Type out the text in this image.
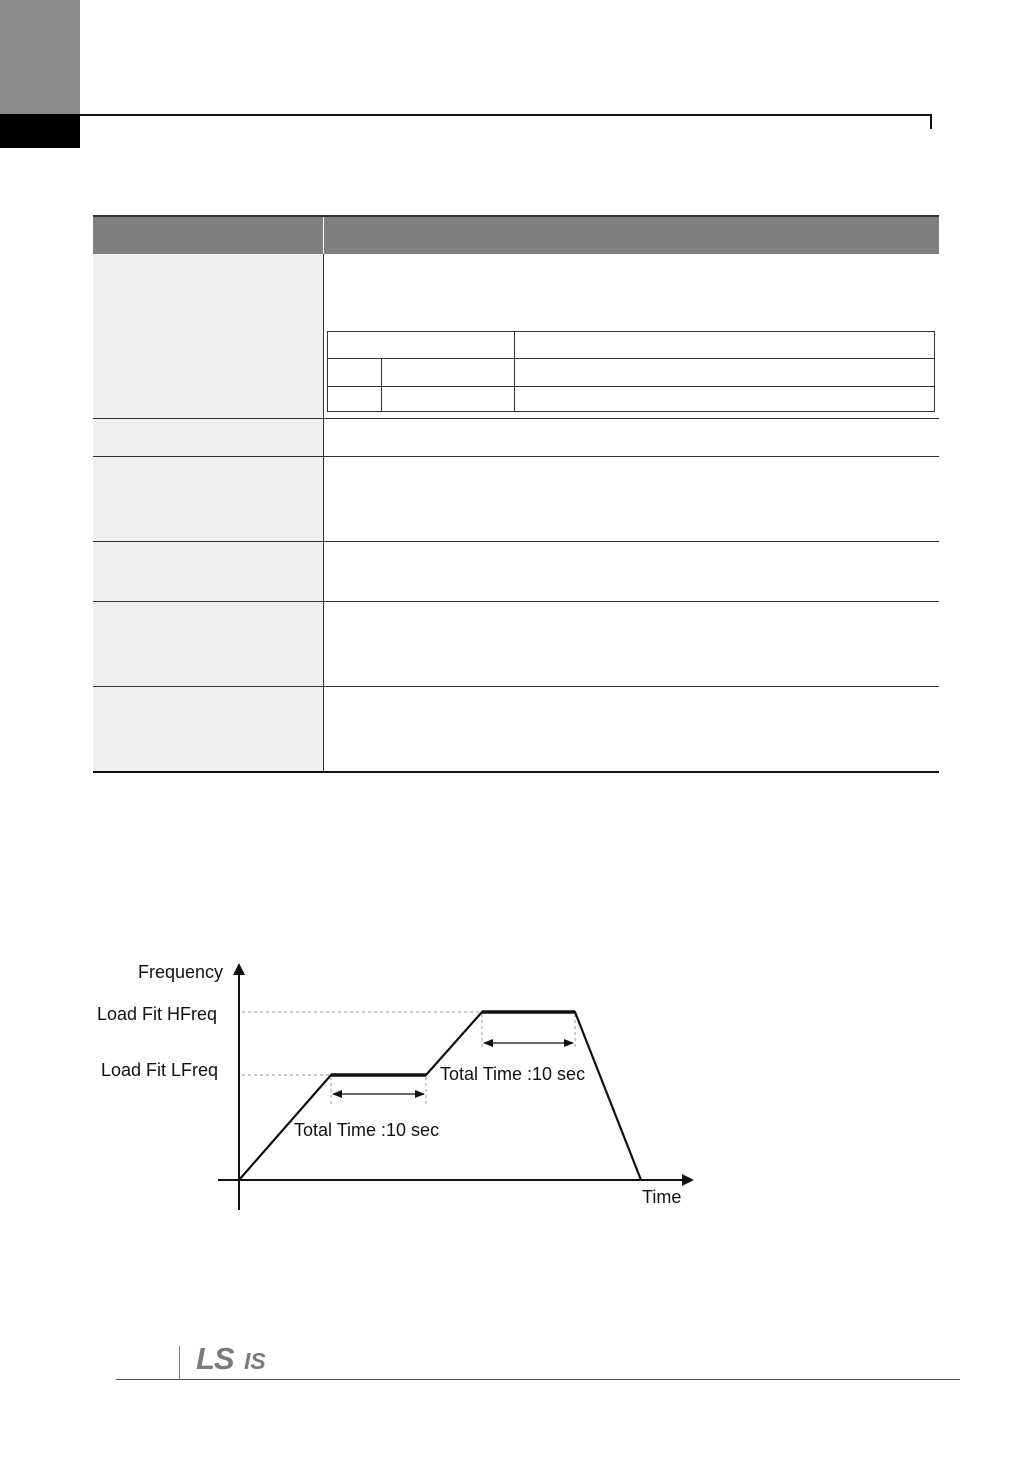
Frequency
Load Fit HFreq
Load Fit LFreq
Total Time :10 sec
Total Time :10 sec
Time
LS IS
